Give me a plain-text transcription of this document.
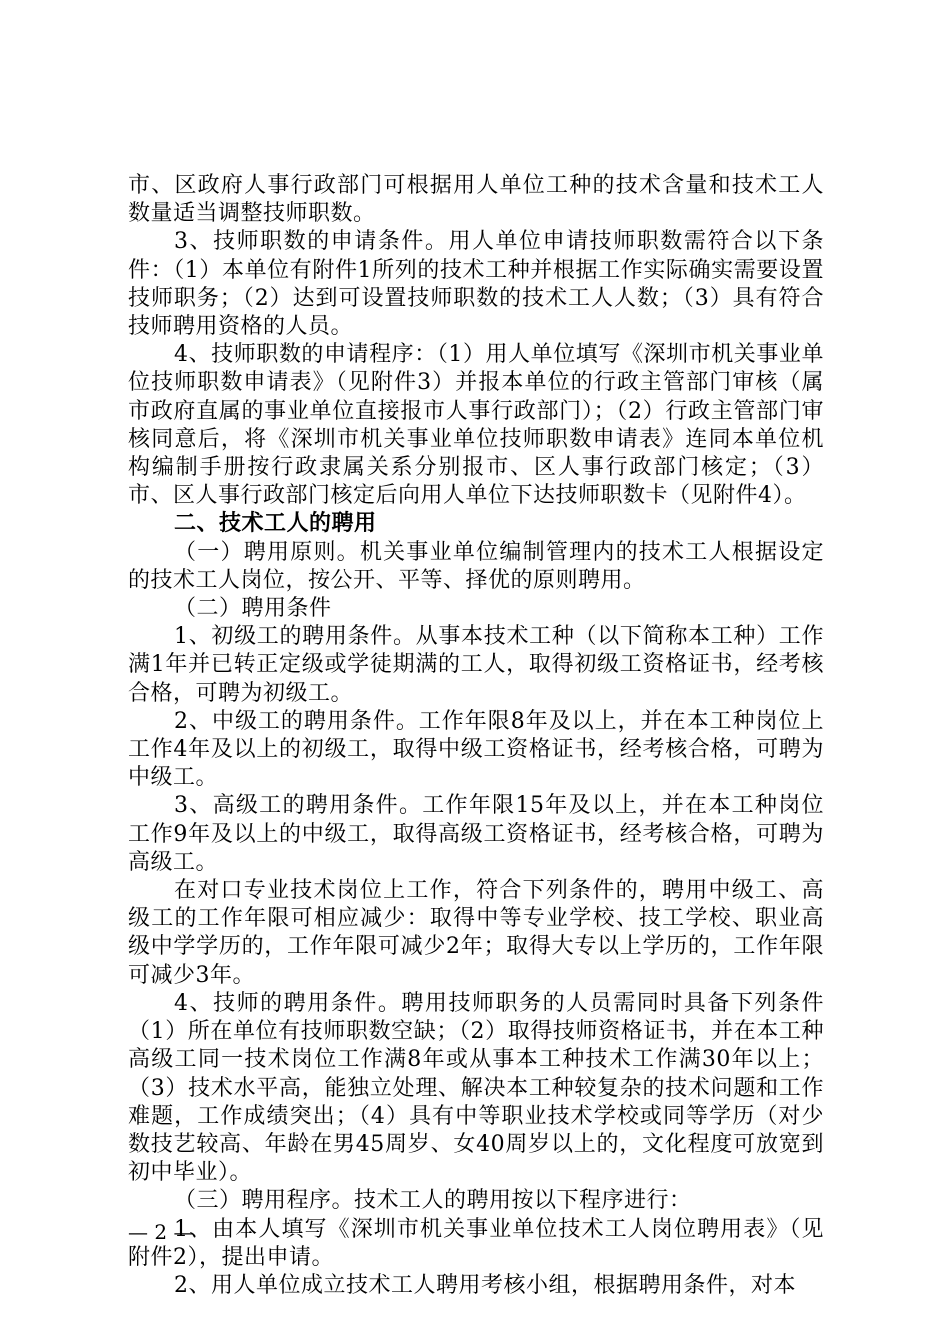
市、区政府人事行政部门可根据用人单位工种的技术含量和技术工人数量适当调整技师职数。

3、技师职数的申请条件。用人单位申请技师职数需符合以下条件：（1）本单位有附件1所列的技术工种并根据工作实际确实需要设置技师职务；（2）达到可设置技师职数的技术工人人数；（3）具有符合技师聘用资格的人员。

4、技师职数的申请程序：（1）用人单位填写《深圳市机关事业单位技师职数申请表》（见附件3）并报本单位的行政主管部门审核（属市政府直属的事业单位直接报市人事行政部门）；（2）行政主管部门审核同意后，将《深圳市机关事业单位技师职数申请表》连同本单位机构编制手册按行政隶属关系分别报市、区人事行政部门核定；（3）市、区人事行政部门核定后向用人单位下达技师职数卡（见附件4）。

二、技术工人的聘用

（一）聘用原则。机关事业单位编制管理内的技术工人根据设定的技术工人岗位，按公开、平等、择优的原则聘用。

（二）聘用条件

1、初级工的聘用条件。从事本技术工种（以下简称本工种）工作满1年并已转正定级或学徒期满的工人，取得初级工资格证书，经考核合格，可聘为初级工。

2、中级工的聘用条件。工作年限8年及以上，并在本工种岗位上工作4年及以上的初级工，取得中级工资格证书，经考核合格，可聘为中级工。

3、高级工的聘用条件。工作年限15年及以上，并在本工种岗位工作9年及以上的中级工，取得高级工资格证书，经考核合格，可聘为高级工。

在对口专业技术岗位上工作，符合下列条件的，聘用中级工、高级工的工作年限可相应减少：取得中等专业学校、技工学校、职业高级中学学历的，工作年限可减少2年；取得大专以上学历的，工作年限可减少3年。

4、技师的聘用条件。聘用技师职务的人员需同时具备下列条件（1）所在单位有技师职数空缺；（2）取得技师资格证书，并在本工种高级工同一技术岗位工作满8年或从事本工种技术工作满30年以上；（3）技术水平高，能独立处理、解决本工种较复杂的技术问题和工作难题，工作成绩突出；（4）具有中等职业技术学校或同等学历（对少数技艺较高、年龄在男45周岁、女40周岁以上的，文化程度可放宽到初中毕业）。

（三）聘用程序。技术工人的聘用按以下程序进行：

1、由本人填写《深圳市机关事业单位技术工人岗位聘用表》（见附件2），提出申请。

2、用人单位成立技术工人聘用考核小组，根据聘用条件，对本

— 2 —
